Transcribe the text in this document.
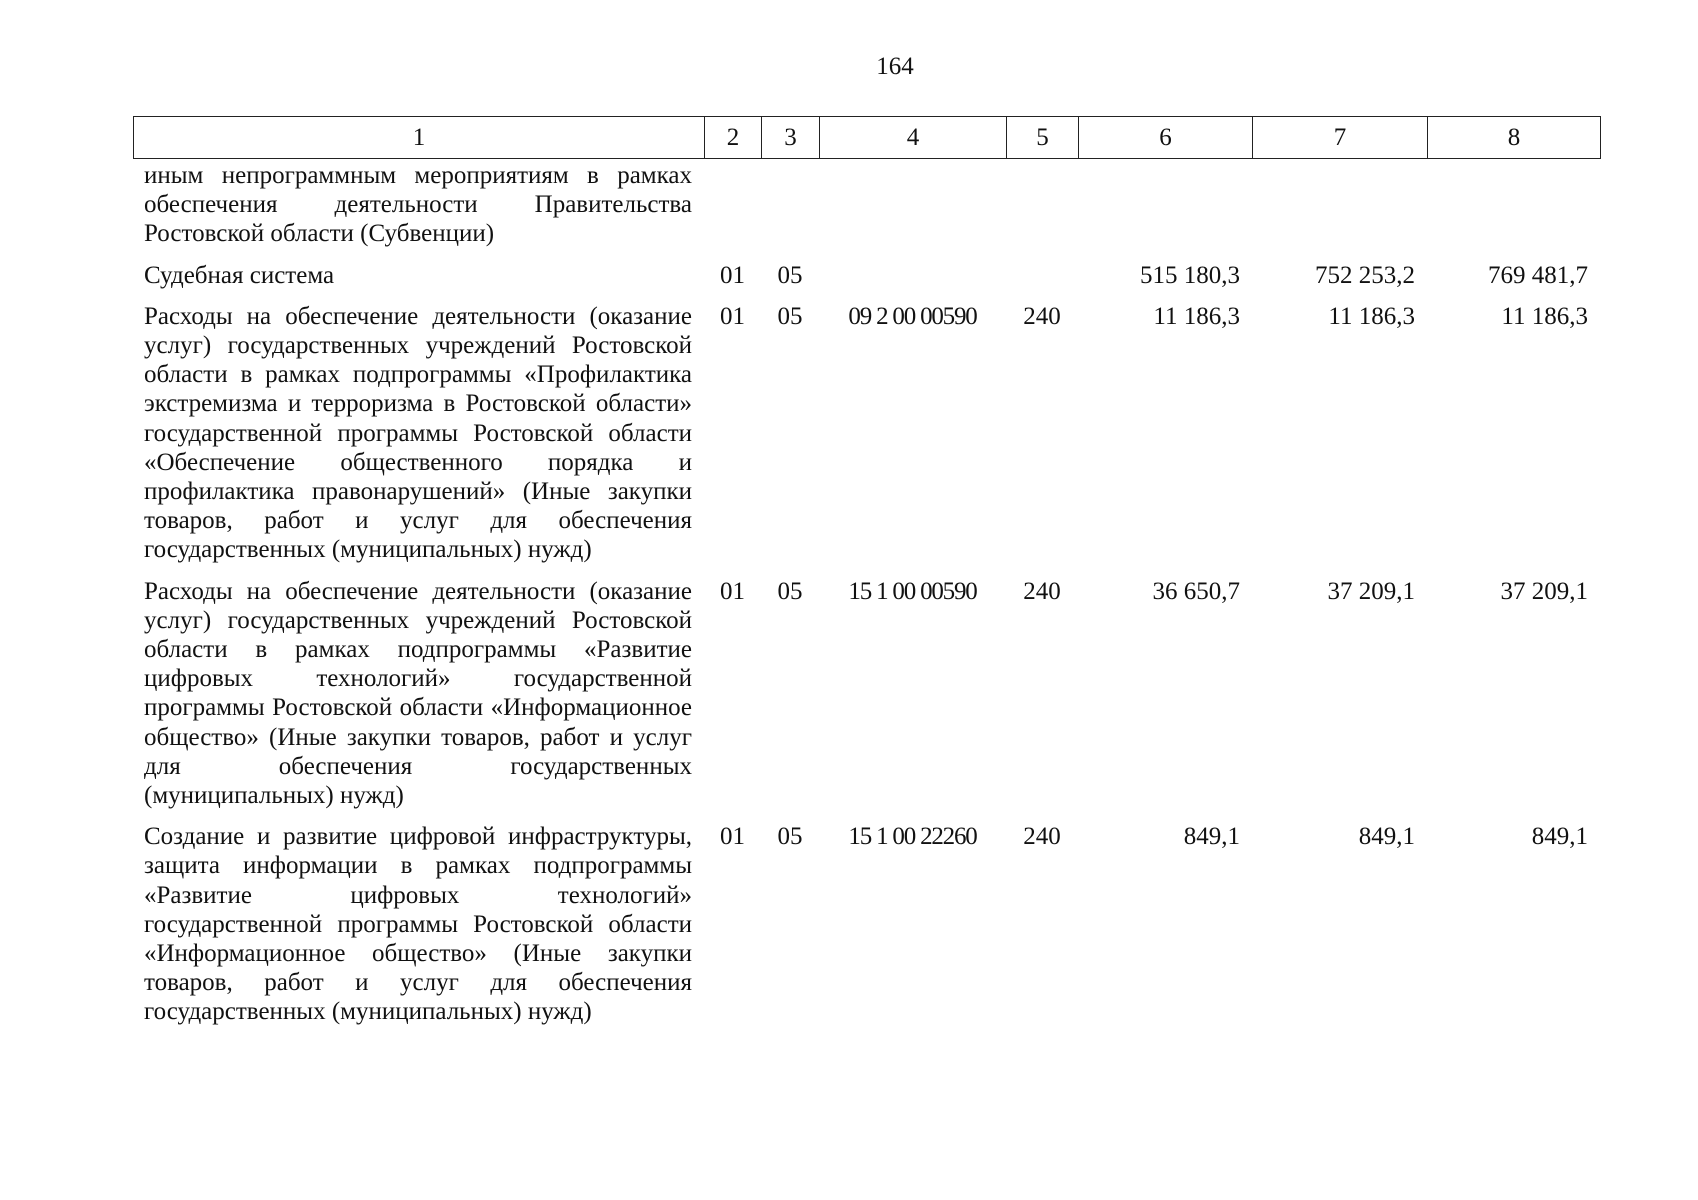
164
1	2	3	4	5	6	7	8
иным непрограммным мероприятиям в рамках обеспечения деятельности Правительства Ростовской области (Субвенции)							
Судебная система	01	05			515 180,3	752 253,2	769 481,7
Расходы на обеспечение деятельности (оказание услуг) государственных учреждений Ростовской области в рамках подпрограммы «Профилактика экстремизма и терроризма в Ростовской области» государственной программы Ростовской области «Обеспечение общественного порядка и профилактика правонарушений» (Иные закупки товаров, работ и услуг для обеспечения государственных (муниципальных) нужд)	01	05	09 2 00 00590	240	11 186,3	11 186,3	11 186,3
Расходы на обеспечение деятельности (оказание услуг) государственных учреждений Ростовской области в рамках подпрограммы «Развитие цифровых технологий» государственной программы Ростовской области «Информационное общество» (Иные закупки товаров, работ и услуг для обеспечения государственных (муниципальных) нужд)	01	05	15 1 00 00590	240	36 650,7	37 209,1	37 209,1
Создание и развитие цифровой инфраструктуры, защита информации в рамках подпрограммы «Развитие цифровых технологий» государственной программы Ростовской области «Информационное общество» (Иные закупки товаров, работ и услуг для обеспечения государственных (муниципальных) нужд)	01	05	15 1 00 22260	240	849,1	849,1	849,1
